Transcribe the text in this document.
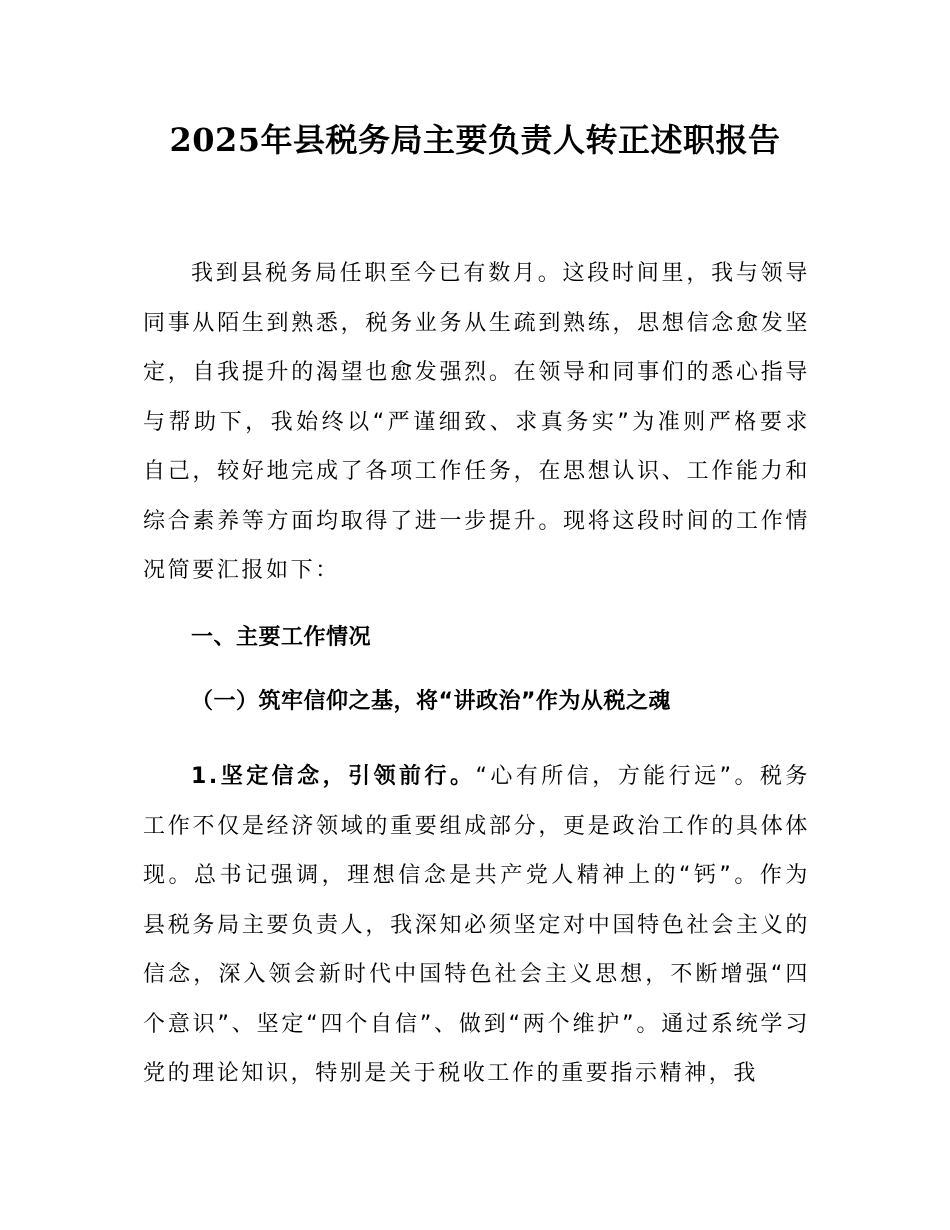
2025年县税务局主要负责人转正述职报告

我到县税务局任职至今已有数月。这段时间里，我与领导同事从陌生到熟悉，税务业务从生疏到熟练，思想信念愈发坚定，自我提升的渴望也愈发强烈。在领导和同事们的悉心指导与帮助下，我始终以“严谨细致、求真务实”为准则严格要求自己，较好地完成了各项工作任务，在思想认识、工作能力和综合素养等方面均取得了进一步提升。现将这段时间的工作情况简要汇报如下：

一、主要工作情况
（一）筑牢信仰之基，将“讲政治”作为从税之魂

1.坚定信念，引领前行。“心有所信，方能行远”。税务工作不仅是经济领域的重要组成部分，更是政治工作的具体体现。总书记强调，理想信念是共产党人精神上的“钙”。作为县税务局主要负责人，我深知必须坚定对中国特色社会主义的信念，深入领会新时代中国特色社会主义思想，不断增强“四个意识”、坚定“四个自信”、做到“两个维护”。通过系统学习党的理论知识，特别是关于税收工作的重要指示精神，我
